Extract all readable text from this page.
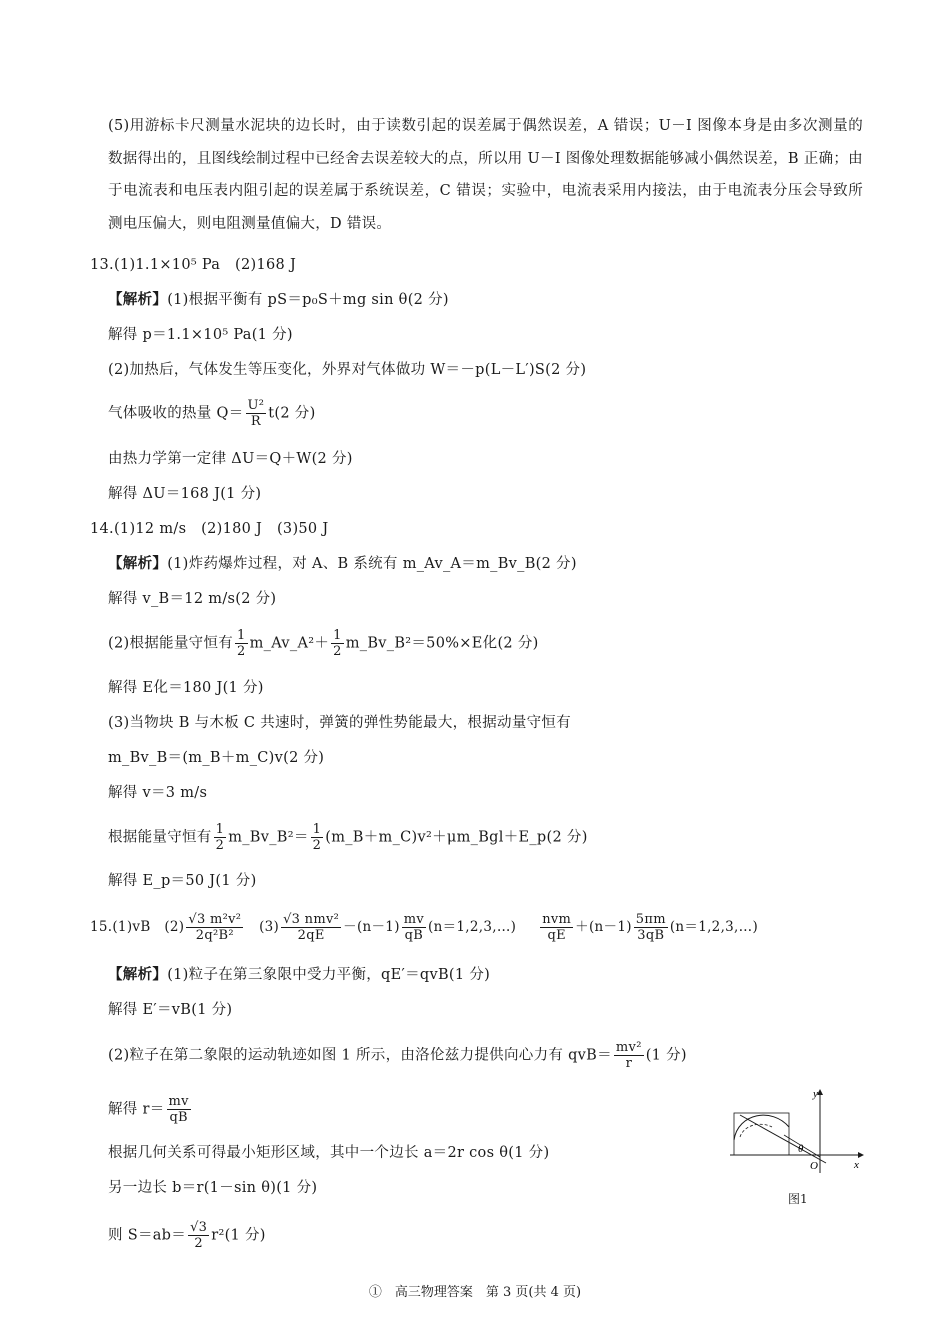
(5)用游标卡尺测量水泥块的边长时，由于读数引起的误差属于偶然误差，A 错误；U－I 图像本身是由多次测量的数据得出的，且图线绘制过程中已经舍去误差较大的点，所以用 U－I 图像处理数据能够减小偶然误差，B 正确；由于电流表和电压表内阻引起的误差属于系统误差，C 错误；实验中，电流表采用内接法，由于电流表分压会导致所测电压偏大，则电阻测量值偏大，D 错误。
13.(1)1.1×10⁵ Pa　(2)168 J
【解析】(1)根据平衡有 pS＝p₀S＋mg sin θ(2 分)
解得 p＝1.1×10⁵ Pa(1 分)
(2)加热后，气体发生等压变化，外界对气体做功 W＝－p(L－L′)S(2 分)
气体吸收的热量 $Q= \frac{\text{U²}}{R} t(2$ 分)
由热力学第一定律 ΔU＝Q＋W(2 分)
解得 ΔU＝168 J(1 分)
14.(1)12 m/s　(2)180 J　(3)50 J
【解析】(1)炸药爆炸过程，对 A、B 系统有 m_Av_A＝m_Bv_B(2 分)
解得 v_B＝12 m/s(2 分)
(2)根据能量守恒有 $\frac{1}{2}$ m_Av_A²＋ $\frac{1}{2}$ m_Bv_B²＝50%×E化(2 分)
解得 E化＝180 J(1 分)
(3)当物块 B 与木板 C 共速时，弹簧的弹性势能最大，根据动量守恒有
m_Bv_B＝(m_B＋m_C)v(2 分)
解得 v＝3 m/s
根据能量守恒有 $\frac{1}{2}$ m_Bv_B²＝ $\frac{1}{2}$ (m_B＋m_C)v²＋μm_Bgl＋E_p(2 分)
解得 E_p＝50 J(1 分)
15.(1)vB　$(2) \frac{\text{√3 m²v²}}{\text{2q²B²}}$ 　$(3) \frac{\text{√3 nmv²}}{2qE} -(n-1) \frac{mv}{qB}$ (n＝1,2,3,…) $\frac{\text{nvm}}{qE} +(n-1) \frac{5\pi m}{3qB}$ (n＝1,2,3,…)
【解析】(1)粒子在第三象限中受力平衡，qE′＝qvB(1 分)
解得 E′＝vB(1 分)
(2)粒子在第二象限的运动轨迹如图 1 所示，由洛伦兹力提供向心力有 $qvB= \frac{\text{mv²}}{r} (1$ 分)
解得 $r= \frac{mv}{qB}$
根据几何关系可得最小矩形区域，其中一个边长 a＝2r cos θ(1 分)
另一边长 b＝r(1－sin θ)(1 分)
则 $S=ab= \frac{√3}{2} r^2(1$ 分)
θ
O
y
x
图1
①　高三物理答案　第 3 页(共 4 页)
